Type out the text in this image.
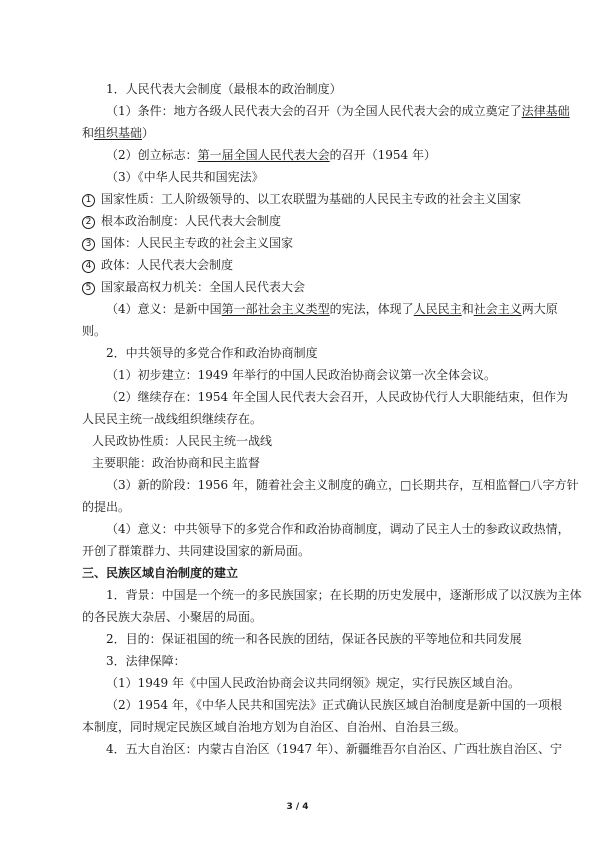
1．人民代表大会制度（最根本的政治制度）
（1）条件：地方各级人民代表大会的召开（为全国人民代表大会的成立奠定了法律基础
和组织基础）
（2）创立标志：第一届全国人民代表大会的召开（1954 年）
（3）《中华人民共和国宪法》
1 国家性质：工人阶级领导的、以工农联盟为基础的人民民主专政的社会主义国家
2 根本政治制度：人民代表大会制度
3 国体：人民民主专政的社会主义国家
4 政体：人民代表大会制度
5 国家最高权力机关：全国人民代表大会
（4）意义：是新中国第一部社会主义类型的宪法，体现了人民民主和社会主义两大原
则。
2．中共领导的多党合作和政治协商制度
（1）初步建立：1949 年举行的中国人民政治协商会议第一次全体会议。
（2）继续存在：1954 年全国人民代表大会召开，人民政协代行人大职能结束，但作为
人民民主统一战线组织继续存在。
人民政协性质：人民民主统一战线
主要职能：政治协商和民主监督
（3）新的阶段：1956 年，随着社会主义制度的确立，□长期共存，互相监督□八字方针
的提出。
（4）意义：中共领导下的多党合作和政治协商制度，调动了民主人士的参政议政热情，
开创了群策群力、共同建设国家的新局面。
三、民族区域自治制度的建立
1．背景：中国是一个统一的多民族国家；在长期的历史发展中，逐渐形成了以汉族为主体
的各民族大杂居、小聚居的局面。
2．目的：保证祖国的统一和各民族的团结，保证各民族的平等地位和共同发展
3．法律保障：
（1）1949 年《中国人民政治协商会议共同纲领》规定，实行民族区域自治。
（2）1954 年，《中华人民共和国宪法》正式确认民族区域自治制度是新中国的一项根
本制度，同时规定民族区域自治地方划为自治区、自治州、自治县三级。
4．五大自治区：内蒙古自治区（1947 年）、新疆维吾尔自治区、广西壮族自治区、宁
3 / 4
